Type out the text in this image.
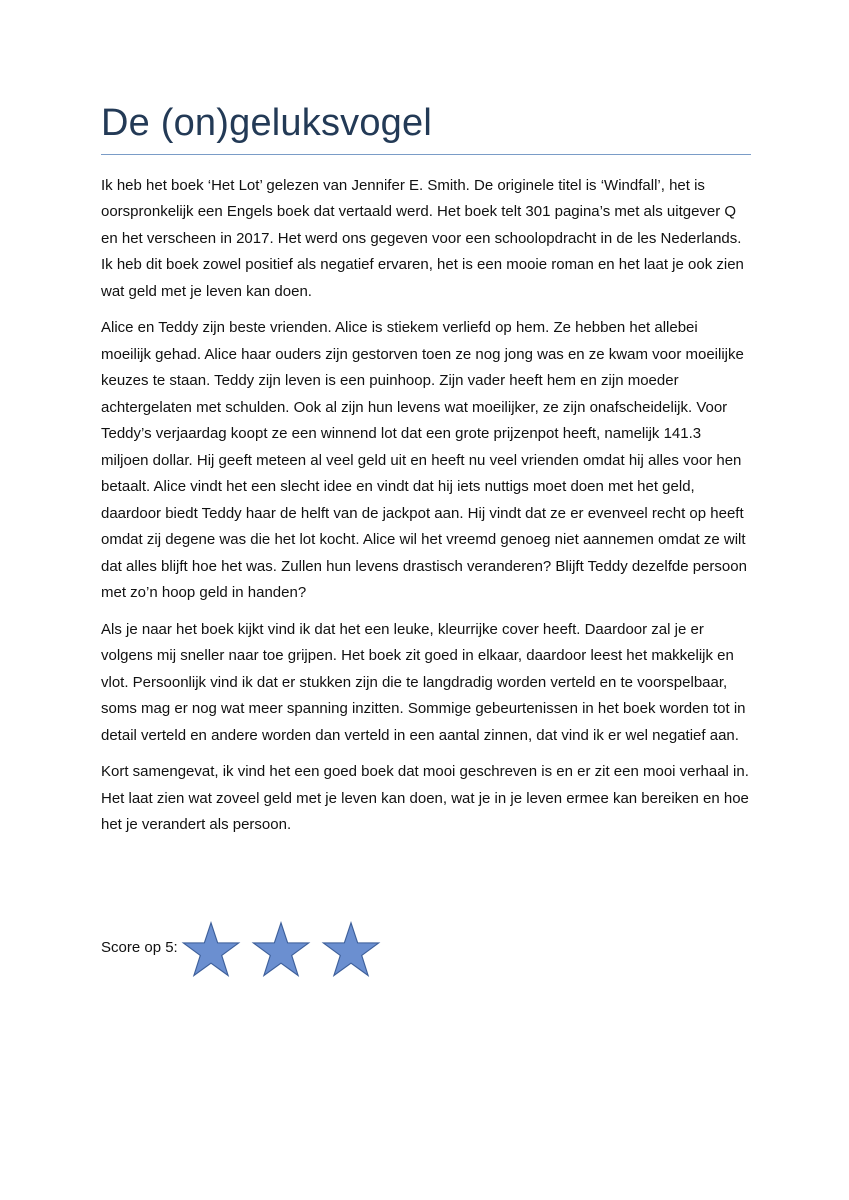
De (on)geluksvogel

Ik heb het boek ‘Het Lot’ gelezen van Jennifer E. Smith. De originele titel is ‘Windfall’, het is oorspronkelijk een Engels boek dat vertaald werd. Het boek telt 301 pagina’s met als uitgever Q en het verscheen in 2017. Het werd ons gegeven voor een schoolopdracht in de les Nederlands. Ik heb dit boek zowel positief als negatief ervaren, het is een mooie roman en het laat je ook zien wat geld met je leven kan doen.

Alice en Teddy zijn beste vrienden. Alice is stiekem verliefd op hem. Ze hebben het allebei moeilijk gehad. Alice haar ouders zijn gestorven toen ze nog jong was en ze kwam voor moeilijke keuzes te staan. Teddy zijn leven is een puinhoop. Zijn vader heeft hem en zijn moeder achtergelaten met schulden. Ook al zijn hun levens wat moeilijker, ze zijn onafscheidelijk. Voor Teddy’s verjaardag koopt ze een winnend lot dat een grote prijzenpot heeft, namelijk 141.3 miljoen dollar. Hij geeft meteen al veel geld uit en heeft nu veel vrienden omdat hij alles voor hen betaalt. Alice vindt het een slecht idee en vindt dat hij iets nuttigs moet doen met het geld, daardoor biedt Teddy haar de helft van de jackpot aan. Hij vindt dat ze er evenveel recht op heeft omdat zij degene was die het lot kocht. Alice wil het vreemd genoeg niet aannemen omdat ze wilt dat alles blijft hoe het was. Zullen hun levens drastisch veranderen? Blijft Teddy dezelfde persoon met zo’n hoop geld in handen?

Als je naar het boek kijkt vind ik dat het een leuke, kleurrijke cover heeft. Daardoor zal je er volgens mij sneller naar toe grijpen. Het boek zit goed in elkaar, daardoor leest het makkelijk en vlot. Persoonlijk vind ik dat er stukken zijn die te langdradig worden verteld en te voorspelbaar, soms mag er nog wat meer spanning inzitten. Sommige gebeurtenissen in het boek worden tot in detail verteld en andere worden dan verteld in een aantal zinnen, dat vind ik er wel negatief aan.

Kort samengevat, ik vind het een goed boek dat mooi geschreven is en er zit een mooi verhaal in. Het laat zien wat zoveel geld met je leven kan doen, wat je in je leven ermee kan bereiken en hoe het je verandert als persoon.

Score op 5:
